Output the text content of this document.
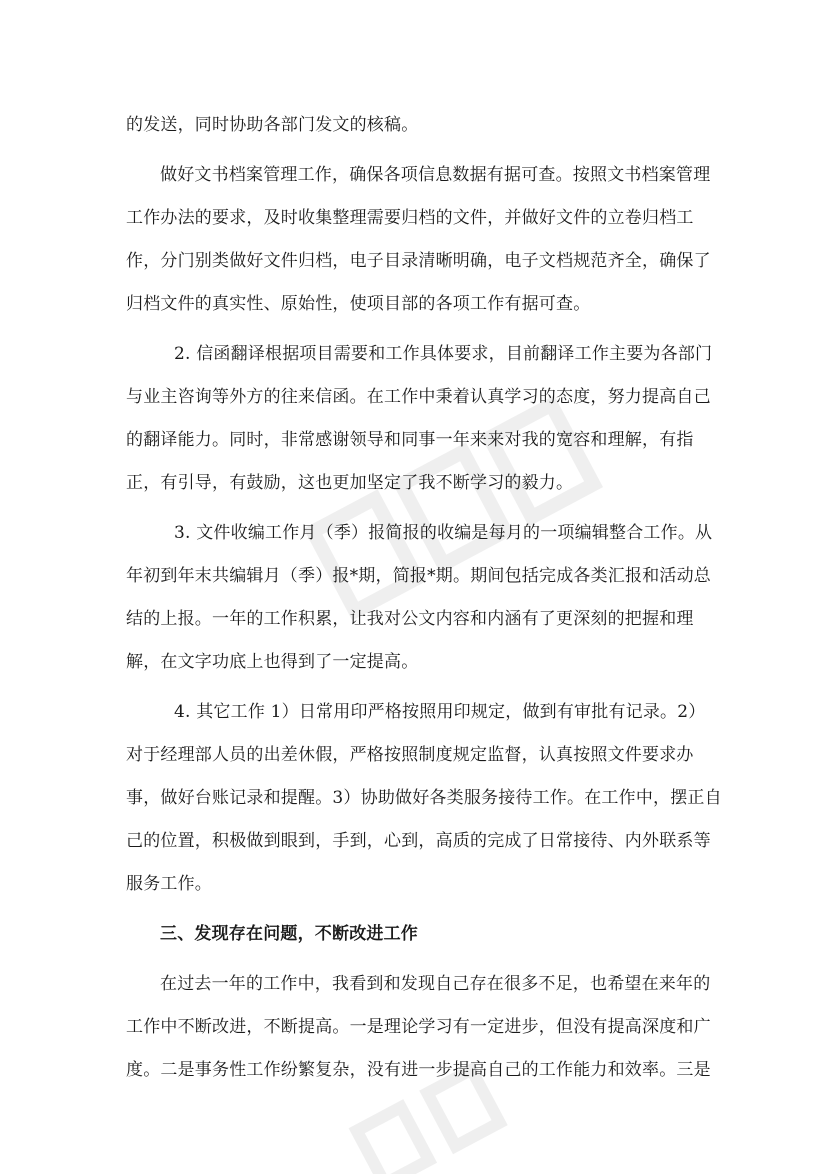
的发送，同时协助各部门发文的核稿。
做好文书档案管理工作，确保各项信息数据有据可查。按照文书档案管理
工作办法的要求，及时收集整理需要归档的文件，并做好文件的立卷归档工
作，分门别类做好文件归档，电子目录清晰明确，电子文档规范齐全，确保了
归档文件的真实性、原始性，使项目部的各项工作有据可查。
2. 信函翻译根据项目需要和工作具体要求，目前翻译工作主要为各部门
与业主咨询等外方的往来信函。在工作中秉着认真学习的态度，努力提高自己
的翻译能力。同时，非常感谢领导和同事一年来来对我的宽容和理解，有指
正，有引导，有鼓励，这也更加坚定了我不断学习的毅力。
3. 文件收编工作月（季）报简报的收编是每月的一项编辑整合工作。从
年初到年末共编辑月（季）报*期，简报*期。期间包括完成各类汇报和活动总
结的上报。一年的工作积累，让我对公文内容和内涵有了更深刻的把握和理
解，在文字功底上也得到了一定提高。
4. 其它工作 1）日常用印严格按照用印规定，做到有审批有记录。2）
对于经理部人员的出差休假，严格按照制度规定监督，认真按照文件要求办
事，做好台账记录和提醒。3）协助做好各类服务接待工作。在工作中，摆正自
己的位置，积极做到眼到，手到，心到，高质的完成了日常接待、内外联系等
服务工作。
三、发现存在问题，不断改进工作
在过去一年的工作中，我看到和发现自己存在很多不足，也希望在来年的
工作中不断改进，不断提高。一是理论学习有一定进步，但没有提高深度和广
度。二是事务性工作纷繁复杂，没有进一步提高自己的工作能力和效率。三是
